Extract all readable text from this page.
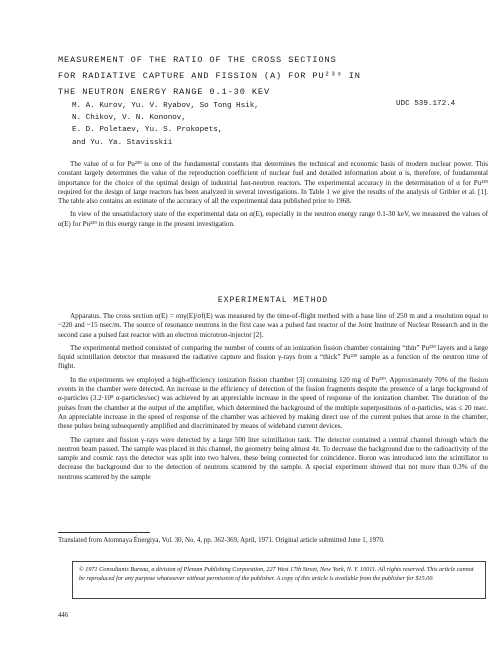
MEASUREMENT OF THE RATIO OF THE CROSS SECTIONS
FOR RADIATIVE CAPTURE AND FISSION (Α) FOR PU²³⁹ IN
THE NEUTRON ENERGY RANGE 0.1-30 KEV
M. A. Kurov, Yu. V. Ryabov, So Tong Hsik,
N. Chikov, V. N. Kononov,
E. D. Poletaev, Yu. S. Prokopets,
and Yu. Ya. Stavisskii
UDC 539.172.4

The value of α for Pu²³⁹ is one of the fundamental constants that determines the technical and economic basis of modern nuclear power. This constant largely determines the value of the reproduction coefficient of nuclear fuel and detailed information about α is, therefore, of fundamental importance for the choice of the optimal design of industrial fast-neutron reactors. The experimental accuracy in the determination of α for Pu²³⁹ required for the design of large reactors has been analyzed in several investigations. In Table 1 we give the results of the analysis of Gribler et al. [1]. The table also contains an estimate of the accuracy of all the experimental data published prior to 1968.

In view of the unsatisfactory state of the experimental data on α(E), especially in the neutron energy range 0.1-30 keV, we measured the values of α(E) for Pu²³⁹ in this energy range in the present investigation.

EXPERIMENTAL METHOD

Apparatus. The cross section α(E) = σnγ(E)/σf(E) was measured by the time-of-flight method with a base line of 250 m and a resolution equal to ~220 and ~15 nsec/m. The source of resonance neutrons in the first case was a pulsed fast reactor of the Joint Institute of Nuclear Research and in the second case a pulsed fast reactor with an electron microtron-injector [2].

The experimental method consisted of comparing the number of counts of an ionization fission chamber containing “thin” Pu²³⁹ layers and a large liquid scintillation detector that measured the radiative capture and fission γ-rays from a “thick” Pu²³⁹ sample as a function of the neutron time of flight.

In the experiments we employed a high-efficiency ionization fission chamber [3] containing 120 mg of Pu²³⁹. Approximately 70% of the fission events in the chamber were detected. An increase in the efficiency of detection of the fission fragments despite the presence of a large background of α-particles (3.2·10⁸ α-particles/sec) was achieved by an appreciable increase in the speed of response of the ionization chamber. The duration of the pulses from the chamber at the output of the amplifier, which determined the background of the multiple superpositions of α-particles, was ≤ 20 nsec. An appreciable increase in the speed of response of the chamber was achieved by making direct use of the current pulses that arose in the chamber, these pulses being subsequently amplified and discriminated by means of wideband current devices.

The capture and fission γ-rays were detected by a large 500 liter scintillation tank. The detector contained a central channel through which the neutron beam passed. The sample was placed in this channel, the geometry being almost 4π. To decrease the background due to the radioactivity of the sample and cosmic rays the detector was split into two halves, these being connected for coincidence. Boron was introduced into the scintillator to decrease the background due to the detection of neutrons scattered by the sample. A special experiment showed that not more than 0.3% of the neutrons scattered by the sample

Translated from Atomnaya Énergiya, Vol. 30, No. 4, pp. 362-369, April, 1971. Original article submitted June 1, 1970.
© 1971 Consultants Bureau, a division of Plenum Publishing Corporation, 227 West 17th Street, New York, N. Y. 10011. All rights reserved. This article cannot be reproduced for any purpose whatsoever without permission of the publisher. A copy of this article is available from the publisher for $15.00.
446
